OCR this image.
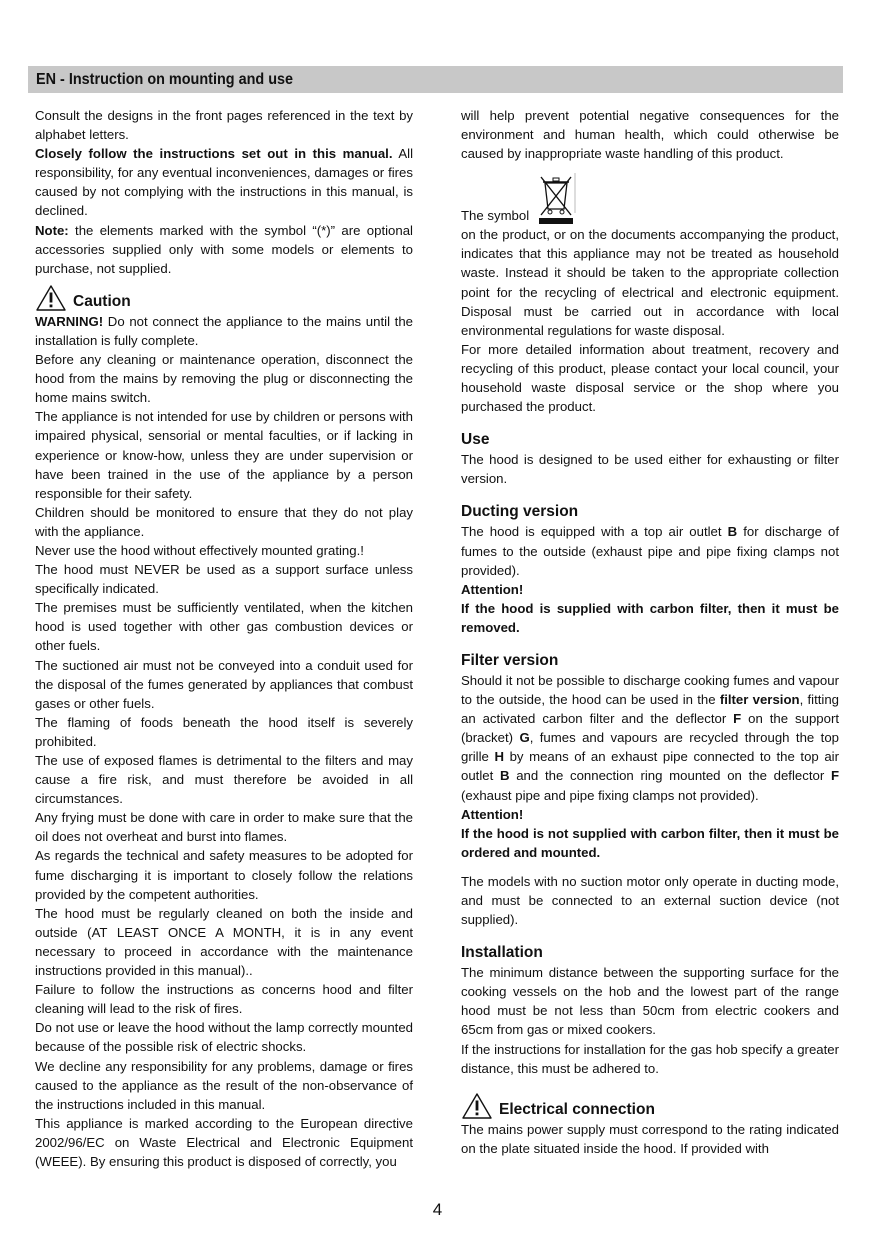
EN - Instruction on mounting and use

Consult the designs in the front pages referenced in the text by alphabet letters.

Closely follow the instructions set out in this manual. All responsibility, for any eventual inconveniences, damages or fires caused by not complying with the instructions in this manual, is declined.

Note: the elements marked with the symbol “(*)” are optional accessories supplied only with some models or elements to purchase, not supplied.

Caution

WARNING! Do not connect the appliance to the mains until the installation is fully complete.

Before any cleaning or maintenance operation, disconnect the hood from the mains by removing the plug or disconnecting the home mains switch.

The appliance is not intended for use by children or persons with impaired physical, sensorial or mental faculties, or if lacking in experience or know-how, unless they are under supervision or have been trained in the use of the appliance by a person responsible for their safety.

Children should be monitored to ensure that they do not play with the appliance.

Never use the hood without effectively mounted grating.!

The hood must NEVER be used as a support surface unless specifically indicated.

The premises must be sufficiently ventilated, when the kitchen hood is used together with other gas combustion devices or other fuels.

The suctioned air must not be conveyed into a conduit used for the disposal of the fumes generated by appliances that combust gases or other fuels.

The flaming of foods beneath the hood itself is severely prohibited.

The use of exposed flames is detrimental to the filters and may cause a fire risk, and must therefore be avoided in all circumstances.

Any frying must be done with care in order to make sure that the oil does not overheat and burst into flames.

As regards the technical and safety measures to be adopted for fume discharging it is important to closely follow the relations provided by the competent authorities.

The hood must be regularly cleaned on both the inside and outside (AT LEAST ONCE A MONTH, it is in any event necessary to proceed in accordance with the maintenance instructions provided in this manual)..

Failure to follow the instructions as concerns hood and filter cleaning will lead to the risk of fires.

Do not use or leave the hood without the lamp correctly mounted because of the possible risk of electric shocks.

We decline any responsibility for any problems, damage or fires caused to the appliance as the result of the non-observance of the instructions included in this manual.

This appliance is marked according to the European directive 2002/96/EC on Waste Electrical and Electronic Equipment (WEEE). By ensuring this product is disposed of correctly, you

will help prevent potential negative consequences for the environment and human health, which could otherwise be caused by inappropriate waste handling of this product.

The symbol

on the product, or on the documents accompanying the product, indicates that this appliance may not be treated as household waste. Instead it should be taken to the appropriate collection point for the recycling of electrical and electronic equipment. Disposal must be carried out in accordance with local environmental regulations for waste disposal.

For more detailed information about treatment, recovery and recycling of this product, please contact your local council, your household waste disposal service or the shop where you purchased the product.

Use

The hood is designed to be used either for exhausting or filter version.

Ducting version

The hood is equipped with a top air outlet B for discharge of fumes to the outside (exhaust pipe and pipe fixing clamps not provided).

Attention!

If the hood is supplied with carbon filter, then it must be removed.

Filter version

Should it not be possible to discharge cooking fumes and vapour to the outside, the hood can be used in the filter version, fitting an activated carbon filter and the deflector F on the support (bracket) G, fumes and vapours are recycled through the top grille H by means of an exhaust pipe connected to the top air outlet B and the connection ring mounted on the deflector F (exhaust pipe and pipe fixing clamps not provided).

Attention!

If the hood is not supplied with carbon filter, then it must be ordered and mounted.

The models with no suction motor only operate in ducting mode, and must be connected to an external suction device (not supplied).

Installation

The minimum distance between the supporting surface for the cooking vessels on the hob and the lowest part of the range hood must be not less than 50cm from electric cookers and 65cm from gas or mixed cookers.

If the instructions for installation for the gas hob specify a greater distance, this must be adhered to.

Electrical connection

The mains power supply must correspond to the rating indicated on the plate situated inside the hood. If provided with

4
